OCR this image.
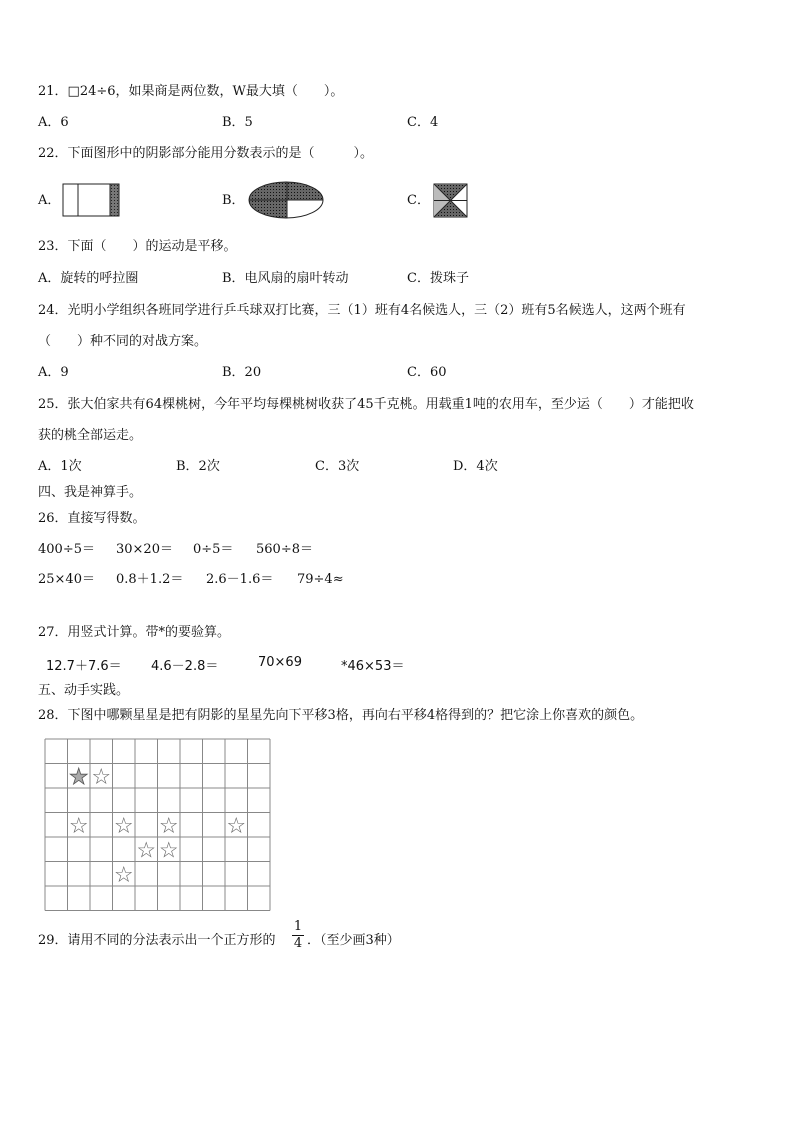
21．□24÷6，如果商是两位数，W最大填（　　）。
A．6	B．5	C．4
22．下面图形中的阴影部分能用分数表示的是（　　　）。
A．	B．	C．
23．下面（　　）的运动是平移。
A．旋转的呼拉圈	B．电风扇的扇叶转动	C．拨珠子
24．光明小学组织各班同学进行乒乓球双打比赛，三（1）班有4名候选人，三（2）班有5名候选人，这两个班有
（　　）种不同的对战方案。
A．9	B．20	C．60
25．张大伯家共有64棵桃树，今年平均每棵桃树收获了45千克桃。用载重1吨的农用车，至少运（　　）才能把收
获的桃全部运走。
A．1次	B．2次	C．3次	D．4次
四、我是神算手。
26．直接写得数。
400÷5＝ 30×20＝ 0÷5＝ 560÷8＝
25×40＝ 0.8＋1.2＝ 2.6－1.6＝ 79÷4≈
27．用竖式计算。带*的要验算。
12.7＋7.6＝ 4.6－2.8＝	70×69	*46×53＝
五、动手实践。
28．下图中哪颗星星是把有阴影的星星先向下平移3格，再向右平移4格得到的？把它涂上你喜欢的颜色。
★ ☆
☆ ☆ ☆ ☆
☆ ☆
☆
29．请用不同的分法表示出一个正方形的
1
4 ．（至少画3种）
